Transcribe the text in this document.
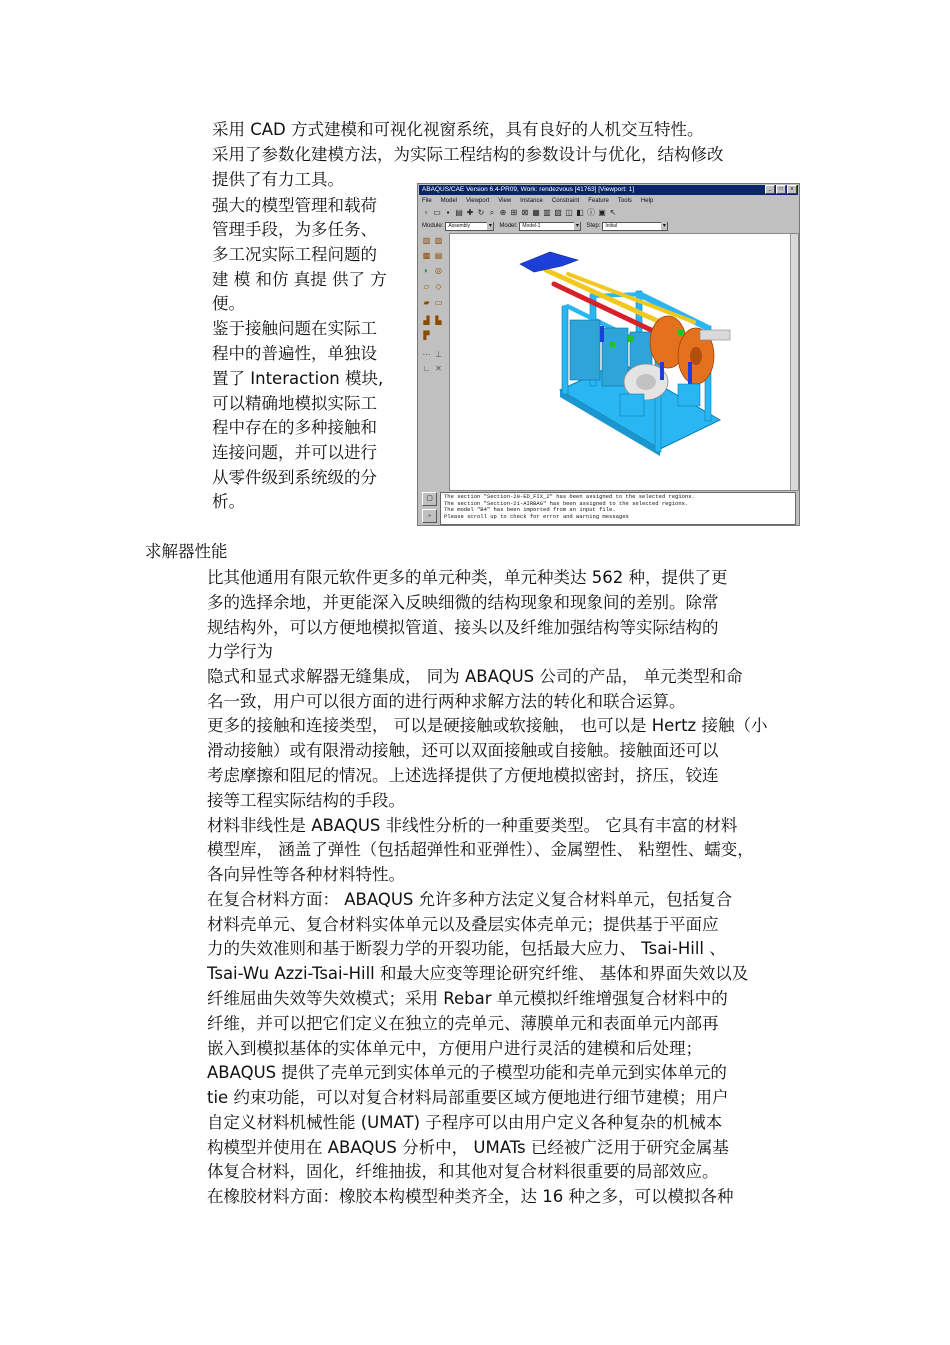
采用 CAD 方式建模和可视化视窗系统，具有良好的人机交互特性。
采用了参数化建模方法，为实际工程结构的参数设计与优化，结构修改
提供了有力工具。
强大的模型管理和载荷
管理手段，为多任务、
多工况实际工程问题的
建 模 和仿 真提 供了 方
便。
鉴于接触问题在实际工
程中的普遍性，单独设
置了 Interaction 模块,
可以精确地模拟实际工
程中存在的多种接触和
连接问题，并可以进行
从零件级到系统级的分
析。
ABAQUS/CAE Version 6.4-PR09, Work: rendezvous [41763] [Viewport: 1]	_	□	x
File Model Viewport View Instance Constraint Feature Tools Help
▫ ▭ ▪ ▤ ✚ ↻ ⌕ ⊕ ⊞ ⊠ ▦ ▥ ▧ ◫ ◧ ⓘ ▣ ↖
Module:	Assembly ▾	Model:	Model-1 ▾	Step:	Initial ▾
▧ ▨
▩ ▤
◐ ◎
▱ ◇
▰ ▭
▟ ▙
▛
⋯ ⊥
∟ ✕
▢
»
The section "Section-20-ED_FIX_2" has been assigned to the selected regions.
The section "Section-21-AIRBAG" has been assigned to the selected regions.
The model "B4" has been imported from an input file.
Please scroll up to check for error and warning messages
求解器性能
比其他通用有限元软件更多的单元种类，单元种类达 562 种，提供了更
多的选择余地，并更能深入反映细微的结构现象和现象间的差别。除常
规结构外，可以方便地模拟管道、接头以及纤维加强结构等实际结构的
力学行为
隐式和显式求解器无缝集成， 同为 ABAQUS 公司的产品， 单元类型和命
名一致，用户可以很方面的进行两种求解方法的转化和联合运算。
更多的接触和连接类型， 可以是硬接触或软接触， 也可以是 Hertz 接触（小
滑动接触）或有限滑动接触，还可以双面接触或自接触。接触面还可以
考虑摩擦和阻尼的情况。上述选择提供了方便地模拟密封，挤压，铰连
接等工程实际结构的手段。
材料非线性是 ABAQUS 非线性分析的一种重要类型。 它具有丰富的材料
模型库， 涵盖了弹性（包括超弹性和亚弹性）、金属塑性、 粘塑性、蠕变，
各向异性等各种材料特性。
在复合材料方面： ABAQUS 允许多种方法定义复合材料单元，包括复合
材料壳单元、复合材料实体单元以及叠层实体壳单元；提供基于平面应
力的失效准则和基于断裂力学的开裂功能，包括最大应力、 Tsai-Hill 、
Tsai-Wu Azzi-Tsai-Hill 和最大应变等理论研究纤维、 基体和界面失效以及
纤维屈曲失效等失效模式；采用 Rebar 单元模拟纤维增强复合材料中的
纤维，并可以把它们定义在独立的壳单元、薄膜单元和表面单元内部再
嵌入到模拟基体的实体单元中，方便用户进行灵活的建模和后处理；
ABAQUS 提供了壳单元到实体单元的子模型功能和壳单元到实体单元的
tie 约束功能，可以对复合材料局部重要区域方便地进行细节建模；用户
自定义材料机械性能 (UMAT) 子程序可以由用户定义各种复杂的机械本
构模型并使用在 ABAQUS 分析中， UMATs 已经被广泛用于研究金属基
体复合材料，固化，纤维抽拔，和其他对复合材料很重要的局部效应。
在橡胶材料方面：橡胶本构模型种类齐全，达 16 种之多，可以模拟各种
